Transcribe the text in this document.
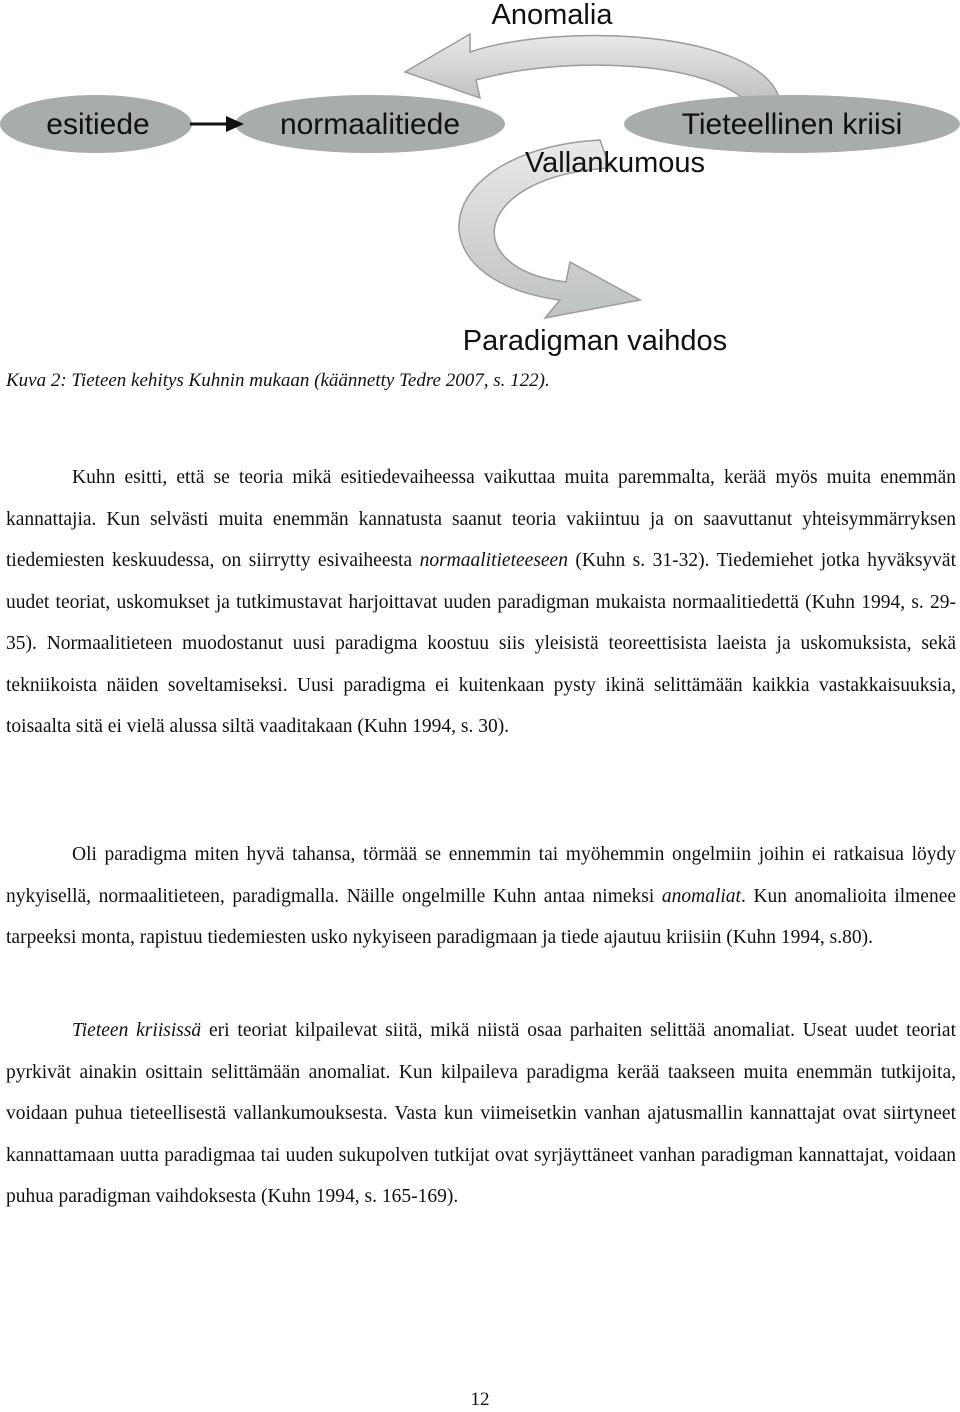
Anomalia
esitiede	normaalitiede	Tieteellinen kriisi
Vallankumous
Paradigman vaihdos
Kuva 2: Tieteen kehitys Kuhnin mukaan (käännetty Tedre 2007, s. 122).

Kuhn esitti, että se teoria mikä esitiedevaiheessa vaikuttaa muita paremmalta, kerää myös muita enemmän kannattajia. Kun selvästi muita enemmän kannatusta saanut teoria vakiintuu ja on saavuttanut yhteisymmärryksen tiedemiesten keskuudessa, on siirrytty esivaiheesta normaalitieteeseen (Kuhn s. 31-32). Tiedemiehet jotka hyväksyvät uudet teoriat, uskomukset ja tutkimustavat harjoittavat uuden paradigman mukaista normaalitiedettä (Kuhn 1994, s. 29-35). Normaalitieteen muodostanut uusi paradigma koostuu siis yleisistä teoreettisista laeista ja uskomuksista, sekä tekniikoista näiden soveltamiseksi. Uusi paradigma ei kuitenkaan pysty ikinä selittämään kaikkia vastakkaisuuksia, toisaalta sitä ei vielä alussa siltä vaaditakaan (Kuhn 1994, s. 30).

Oli paradigma miten hyvä tahansa, törmää se ennemmin tai myöhemmin ongelmiin joihin ei ratkaisua löydy nykyisellä, normaalitieteen, paradigmalla. Näille ongelmille Kuhn antaa nimeksi anomaliat. Kun anomalioita ilmenee tarpeeksi monta, rapistuu tiedemiesten usko nykyiseen paradigmaan ja tiede ajautuu kriisiin (Kuhn 1994, s.80).

Tieteen kriisissä eri teoriat kilpailevat siitä, mikä niistä osaa parhaiten selittää anomaliat. Useat uudet teoriat pyrkivät ainakin osittain selittämään anomaliat. Kun kilpaileva paradigma kerää taakseen muita enemmän tutkijoita, voidaan puhua tieteellisestä vallankumouksesta. Vasta kun viimeisetkin vanhan ajatusmallin kannattajat ovat siirtyneet kannattamaan uutta paradigmaa tai uuden sukupolven tutkijat ovat syrjäyttäneet vanhan paradigman kannattajat, voidaan puhua paradigman vaihdoksesta (Kuhn 1994, s. 165-169).

12
